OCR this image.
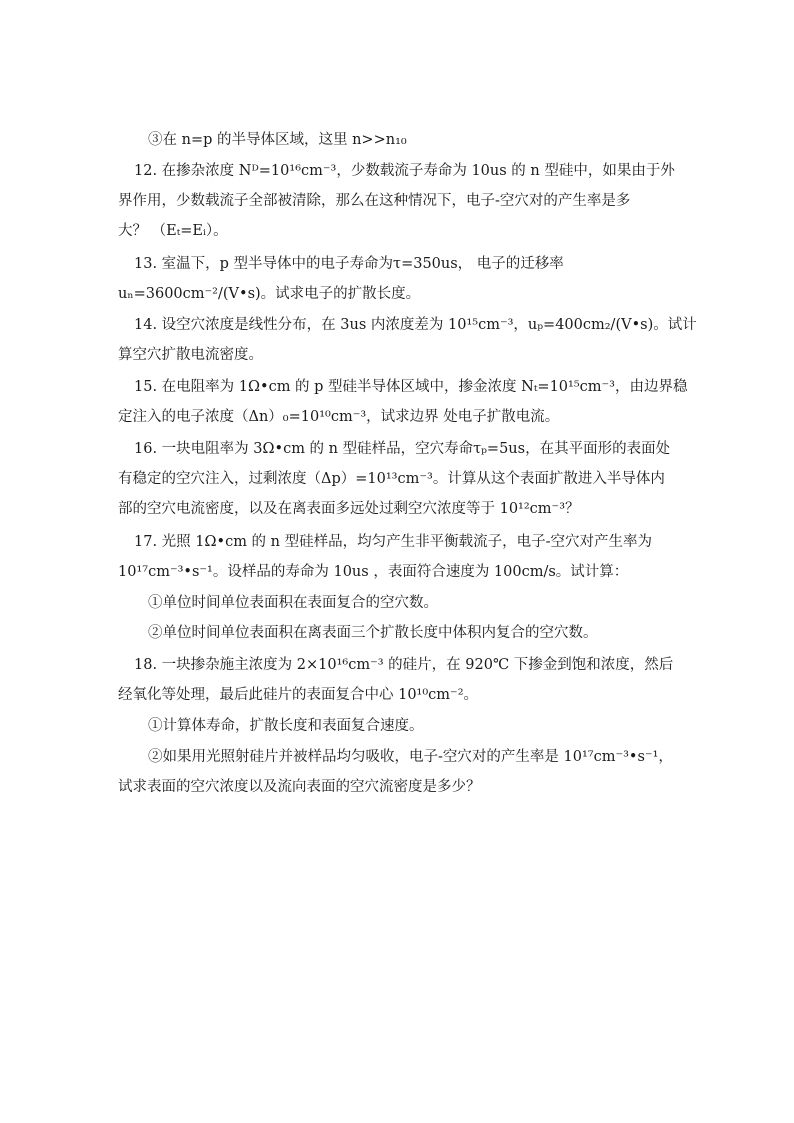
③在 n=p 的半导体区域，这里 n>>n₁₀
12. 在掺杂浓度 Nᴰ=10¹⁶cm⁻³，少数载流子寿命为 10us 的 n 型硅中，如果由于外
界作用，少数载流子全部被清除，那么在这种情况下，电子-空穴对的产生率是多
大？ （Eₜ=Eᵢ）。
13. 室温下，p 型半导体中的电子寿命为τ=350us， 电子的迁移率
uₙ=3600cm⁻²/(V•s)。试求电子的扩散长度。
14. 设空穴浓度是线性分布，在 3us 内浓度差为 10¹⁵cm⁻³，uₚ=400cm₂/(V•s)。试计
算空穴扩散电流密度。
15. 在电阻率为 1Ω•cm 的 p 型硅半导体区域中，掺金浓度 Nₜ=10¹⁵cm⁻³，由边界稳
定注入的电子浓度（Δn）₀=10¹⁰cm⁻³，试求边界 处电子扩散电流。
16. 一块电阻率为 3Ω•cm 的 n 型硅样品，空穴寿命τₚ=5us，在其平面形的表面处
有稳定的空穴注入，过剩浓度（Δp）=10¹³cm⁻³。计算从这个表面扩散进入半导体内
部的空穴电流密度，以及在离表面多远处过剩空穴浓度等于 10¹²cm⁻³？
17. 光照 1Ω•cm 的 n 型硅样品，均匀产生非平衡载流子，电子-空穴对产生率为
10¹⁷cm⁻³•s⁻¹。设样品的寿命为 10us ，表面符合速度为 100cm/s。试计算：
①单位时间单位表面积在表面复合的空穴数。
②单位时间单位表面积在离表面三个扩散长度中体积内复合的空穴数。
18. 一块掺杂施主浓度为 2×10¹⁶cm⁻³ 的硅片，在 920℃ 下掺金到饱和浓度，然后
经氧化等处理，最后此硅片的表面复合中心 10¹⁰cm⁻²。
①计算体寿命，扩散长度和表面复合速度。
②如果用光照射硅片并被样品均匀吸收，电子-空穴对的产生率是 10¹⁷cm⁻³•s⁻¹，
试求表面的空穴浓度以及流向表面的空穴流密度是多少？
